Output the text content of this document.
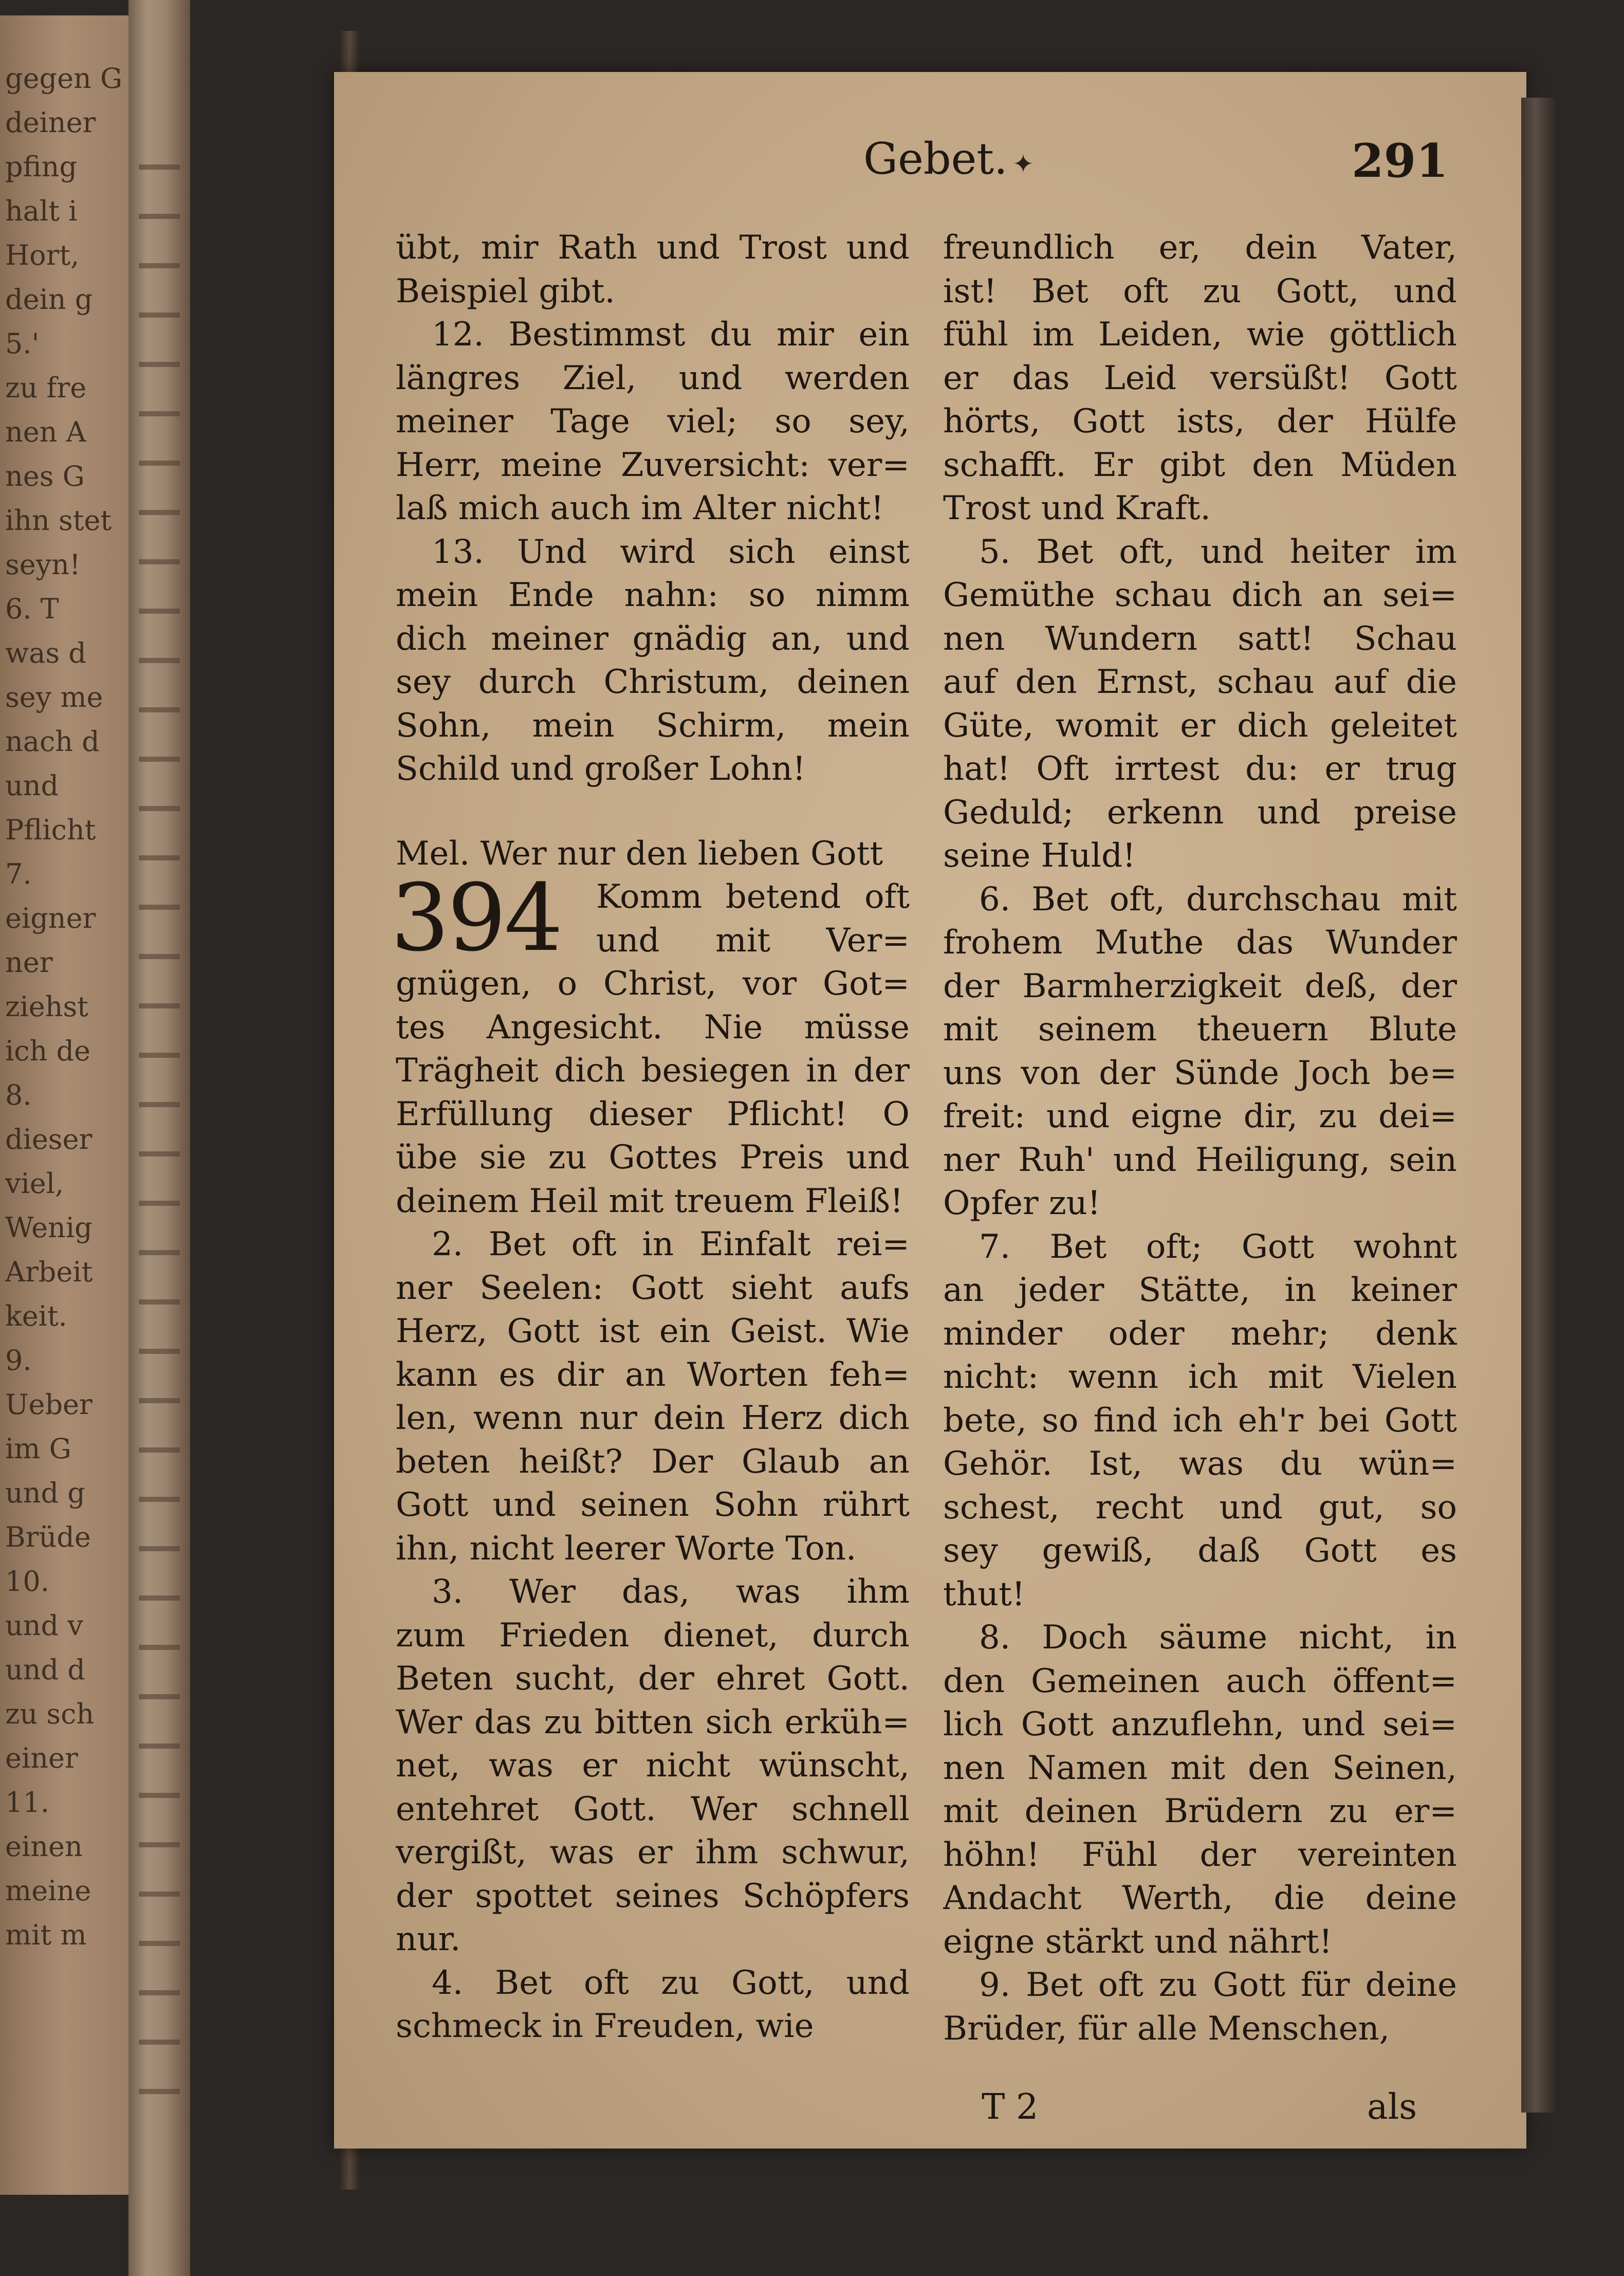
gegen G
deiner
pfing
halt i
Hort,
dein g
5.'
zu fre
nen A
nes G
ihn stet
seyn!
6. T
was d
sey me
nach d
und
Pflicht
7.
eigner
ner
ziehst
ich de
8.
dieser
viel,
Wenig
Arbeit
keit.
9.
Ueber
im G
und g
Brüde
10.
und v
und d
zu sch
einer
11.
einen
meine
mit m
Gebet. ✦	291
übt, mir Rath und Trost und
Beispiel gibt.
12. Bestimmst du mir ein
längres Ziel, und werden
meiner Tage viel; so sey,
Herr, meine Zuversicht: ver=
laß mich auch im Alter nicht!
13. Und wird sich einst
mein Ende nahn: so nimm
dich meiner gnädig an, und
sey durch Christum, deinen
Sohn, mein Schirm, mein
Schild und großer Lohn!
Mel. Wer nur den lieben Gott
394 Komm betend oft
und mit Ver=
gnügen, o Christ, vor Got=
tes Angesicht. Nie müsse
Trägheit dich besiegen in der
Erfüllung dieser Pflicht! O
übe sie zu Gottes Preis und
deinem Heil mit treuem Fleiß!
2. Bet oft in Einfalt rei=
ner Seelen: Gott sieht aufs
Herz, Gott ist ein Geist. Wie
kann es dir an Worten feh=
len, wenn nur dein Herz dich
beten heißt? Der Glaub an
Gott und seinen Sohn rührt
ihn, nicht leerer Worte Ton.
3. Wer das, was ihm
zum Frieden dienet, durch
Beten sucht, der ehret Gott.
Wer das zu bitten sich erküh=
net, was er nicht wünscht,
entehret Gott. Wer schnell
vergißt, was er ihm schwur,
der spottet seines Schöpfers
nur.
4. Bet oft zu Gott, und
schmeck in Freuden, wie
freundlich er, dein Vater,
ist! Bet oft zu Gott, und
fühl im Leiden, wie göttlich
er das Leid versüßt! Gott
hörts, Gott ists, der Hülfe
schafft. Er gibt den Müden
Trost und Kraft.
5. Bet oft, und heiter im
Gemüthe schau dich an sei=
nen Wundern satt! Schau
auf den Ernst, schau auf die
Güte, womit er dich geleitet
hat! Oft irrtest du: er trug
Geduld; erkenn und preise
seine Huld!
6. Bet oft, durchschau mit
frohem Muthe das Wunder
der Barmherzigkeit deß, der
mit seinem theuern Blute
uns von der Sünde Joch be=
freit: und eigne dir, zu dei=
ner Ruh' und Heiligung, sein
Opfer zu!
7. Bet oft; Gott wohnt
an jeder Stätte, in keiner
minder oder mehr; denk
nicht: wenn ich mit Vielen
bete, so find ich eh'r bei Gott
Gehör. Ist, was du wün=
schest, recht und gut, so
sey gewiß, daß Gott es
thut!
8. Doch säume nicht, in
den Gemeinen auch öffent=
lich Gott anzuflehn, und sei=
nen Namen mit den Seinen,
mit deinen Brüdern zu er=
höhn! Fühl der vereinten
Andacht Werth, die deine
eigne stärkt und nährt!
9. Bet oft zu Gott für deine
Brüder, für alle Menschen,
T 2	als
